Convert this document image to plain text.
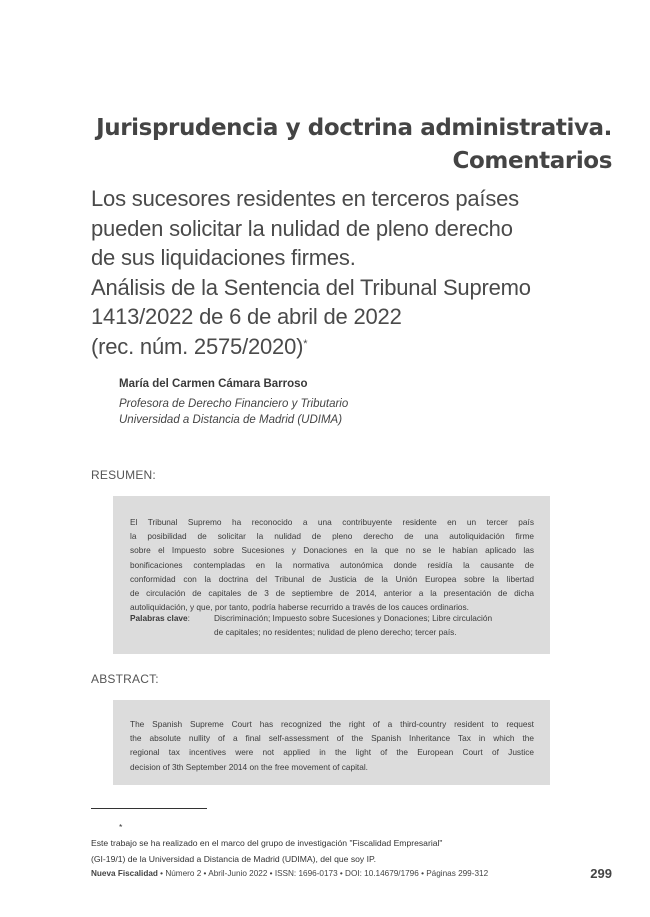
Jurisprudencia y doctrina administrativa.
Comentarios
Los sucesores residentes en terceros países
pueden solicitar la nulidad de pleno derecho
de sus liquidaciones firmes.
Análisis de la Sentencia del Tribunal Supremo
1413/2022 de 6 de abril de 2022
(rec. núm. 2575/2020)*
María del Carmen Cámara Barroso
Profesora de Derecho Financiero y Tributario
Universidad a Distancia de Madrid (UDIMA)
RESUMEN:
El Tribunal Supremo ha reconocido a una contribuyente residente en un tercer país
la posibilidad de solicitar la nulidad de pleno derecho de una autoliquidación firme
sobre el Impuesto sobre Sucesiones y Donaciones en la que no se le habían aplicado las
bonificaciones contempladas en la normativa autonómica donde residía la causante de
conformidad con la doctrina del Tribunal de Justicia de la Unión Europea sobre la libertad
de circulación de capitales de 3 de septiembre de 2014, anterior a la presentación de dicha
autoliquidación, y que, por tanto, podría haberse recurrido a través de los cauces ordinarios.
Palabras clave:	Discriminación; Impuesto sobre Sucesiones y Donaciones; Libre circulación
de capitales; no residentes; nulidad de pleno derecho; tercer país.
ABSTRACT:
The Spanish Supreme Court has recognized the right of a third-country resident to request
the absolute nullity of a final self-assessment of the Spanish Inheritance Tax in which the
regional tax incentives were not applied in the light of the European Court of Justice
decision of 3th September 2014 on the free movement of capital.
*
Este trabajo se ha realizado en el marco del grupo de investigación "Fiscalidad Empresarial"
(GI-19/1) de la Universidad a Distancia de Madrid (UDIMA), del que soy IP.
Nueva Fiscalidad • Número 2 • Abril-Junio 2022 • ISSN: 1696-0173 • DOI: 10.14679/1796 • Páginas 299-312	299
